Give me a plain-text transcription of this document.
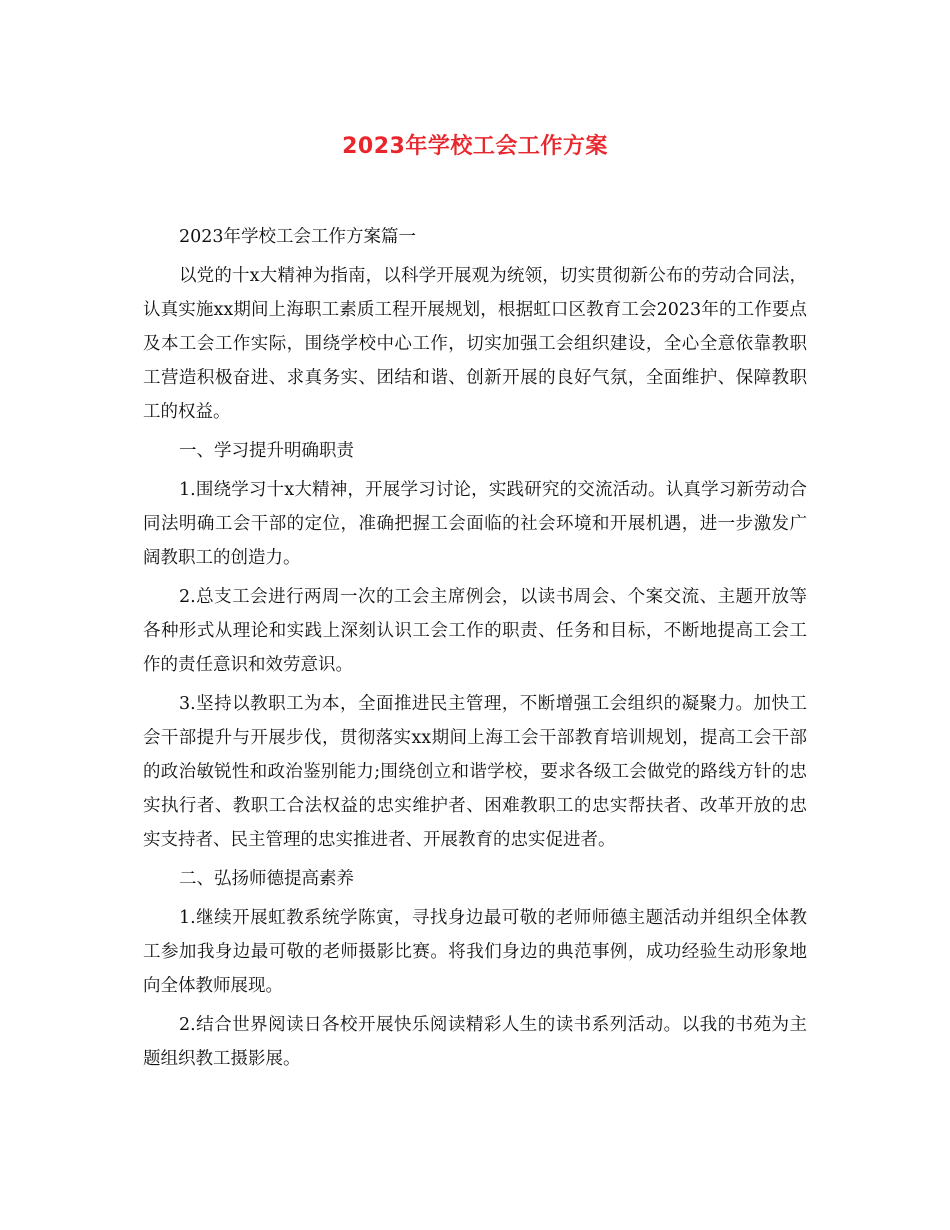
2023年学校工会工作方案

2023年学校工会工作方案篇一

以党的十x大精神为指南，以科学开展观为统领，切实贯彻新公布的劳动合同法，认真实施xx期间上海职工素质工程开展规划，根据虹口区教育工会2023年的工作要点及本工会工作实际，围绕学校中心工作，切实加强工会组织建设，全心全意依靠教职工营造积极奋进、求真务实、团结和谐、创新开展的良好气氛，全面维护、保障教职工的权益。

一、学习提升明确职责

1.围绕学习十x大精神，开展学习讨论，实践研究的交流活动。认真学习新劳动合同法明确工会干部的定位，准确把握工会面临的社会环境和开展机遇，进一步激发广阔教职工的创造力。

2.总支工会进行两周一次的工会主席例会，以读书周会、个案交流、主题开放等各种形式从理论和实践上深刻认识工会工作的职责、任务和目标，不断地提高工会工作的责任意识和效劳意识。

3.坚持以教职工为本，全面推进民主管理，不断增强工会组织的凝聚力。加快工会干部提升与开展步伐，贯彻落实xx期间上海工会干部教育培训规划，提高工会干部的政治敏锐性和政治鉴别能力;围绕创立和谐学校，要求各级工会做党的路线方针的忠实执行者、教职工合法权益的忠实维护者、困难教职工的忠实帮扶者、改革开放的忠实支持者、民主管理的忠实推进者、开展教育的忠实促进者。

二、弘扬师德提高素养

1.继续开展虹教系统学陈寅，寻找身边最可敬的老师师德主题活动并组织全体教工参加我身边最可敬的老师摄影比赛。将我们身边的典范事例，成功经验生动形象地向全体教师展现。

2.结合世界阅读日各校开展快乐阅读精彩人生的读书系列活动。以我的书苑为主题组织教工摄影展。
